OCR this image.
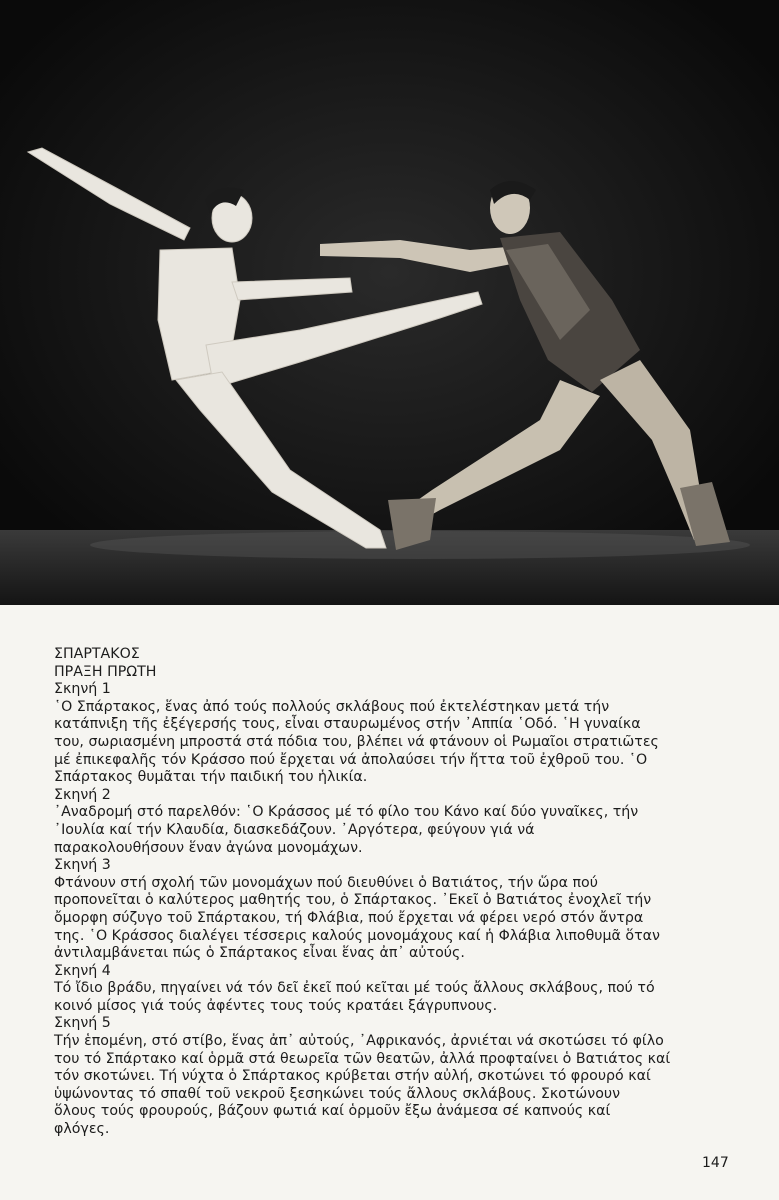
ΣΠΑΡΤΑΚΟΣ
ΠΡΑΞΗ ΠΡΩΤΗ
Σκηνή 1

῾Ο Σπάρτακος, ἕνας ἀπό τούς πολλούς σκλάβους πού ἐκτελέστηκαν μετά τήν
κατάπνιξη τῆς ἐξέγερσής τους, εἶναι σταυρωμένος στήν ᾿Αππία ῾Οδό. ῾Η γυναίκα
του, σωριασμένη μπροστά στά πόδια του, βλέπει νά φτάνουν οἱ Ρωμαῖοι στρατιῶτες
μέ ἐπικεφαλῆς τόν Κράσσο πού ἔρχεται νά ἀπολαύσει τήν ἥττα τοῦ ἐχθροῦ του. ῾Ο
Σπάρτακος θυμᾶται τήν παιδική του ἡλικία.

Σκηνή 2

᾿Αναδρομή στό παρελθόν: ῾Ο Κράσσος μέ τό φίλο του Κάνο καί δύο γυναῖκες, τήν
᾿Ιουλία καί τήν Κλαυδία, διασκεδάζουν. ᾿Αργότερα, φεύγουν γιά νά
παρακολουθήσουν ἕναν ἀγώνα μονομάχων.

Σκηνή 3

Φτάνουν στή σχολή τῶν μονομάχων πού διευθύνει ὁ Βατιάτος, τήν ὥρα πού
προπονεῖται ὁ καλύτερος μαθητής του, ὁ Σπάρτακος. ᾿Εκεῖ ὁ Βατιάτος ἐνοχλεῖ τήν
ὄμορφη σύζυγο τοῦ Σπάρτακου, τή Φλάβια, πού ἔρχεται νά φέρει νερό στόν ἄντρα
της. ῾Ο Κράσσος διαλέγει τέσσερις καλούς μονομάχους καί ἡ Φλάβια λιποθυμᾶ ὅταν
ἀντιλαμβάνεται πώς ὁ Σπάρτακος εἶναι ἕνας ἀπ᾿ αὐτούς.

Σκηνή 4

Τό ἴδιο βράδυ, πηγαίνει νά τόν δεῖ ἐκεῖ πού κεῖται μέ τούς ἄλλους σκλάβους, πού τό
κοινό μίσος γιά τούς ἀφέντες τους τούς κρατάει ξάγρυπνους.

Σκηνή 5

Τήν ἑπομένη, στό στίβο, ἕνας ἀπ᾿ αὐτούς, ᾿Αφρικανός, ἀρνιέται νά σκοτώσει τό φίλο
του τό Σπάρτακο καί ὁρμᾶ στά θεωρεῖα τῶν θεατῶν, ἀλλά προφταίνει ὁ Βατιάτος καί
τόν σκοτώνει. Τή νύχτα ὁ Σπάρτακος κρύβεται στήν αὐλή, σκοτώνει τό φρουρό καί
ὑψώνοντας τό σπαθί τοῦ νεκροῦ ξεσηκώνει τούς ἄλλους σκλάβους. Σκοτώνουν
ὅλους τούς φρουρούς, βάζουν φωτιά καί ὁρμοῦν ἔξω ἀνάμεσα σέ καπνούς καί
φλόγες.

147
